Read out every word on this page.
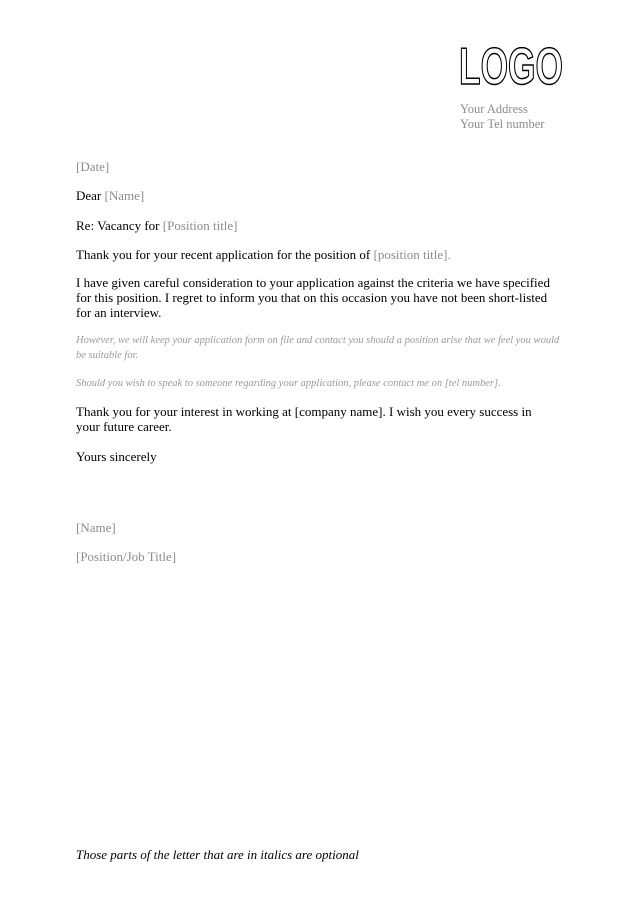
LOGO
Your Address
Your Tel number
[Date]
Dear [Name]
Re: Vacancy for [Position title]
Thank you for your recent application for the position of [position title].
I have given careful consideration to your application against the criteria we have specified for this position. I regret to inform you that on this occasion you have not been short-listed for an interview.
However, we will keep your application form on file and contact you should a position arise that we feel you would be suitable for.
Should you wish to speak to someone regarding your application, please contact me on [tel number].
Thank you for your interest in working at [company name]. I wish you every success in your future career.
Yours sincerely
[Name]
[Position/Job Title]
Those parts of the letter that are in italics are optional
